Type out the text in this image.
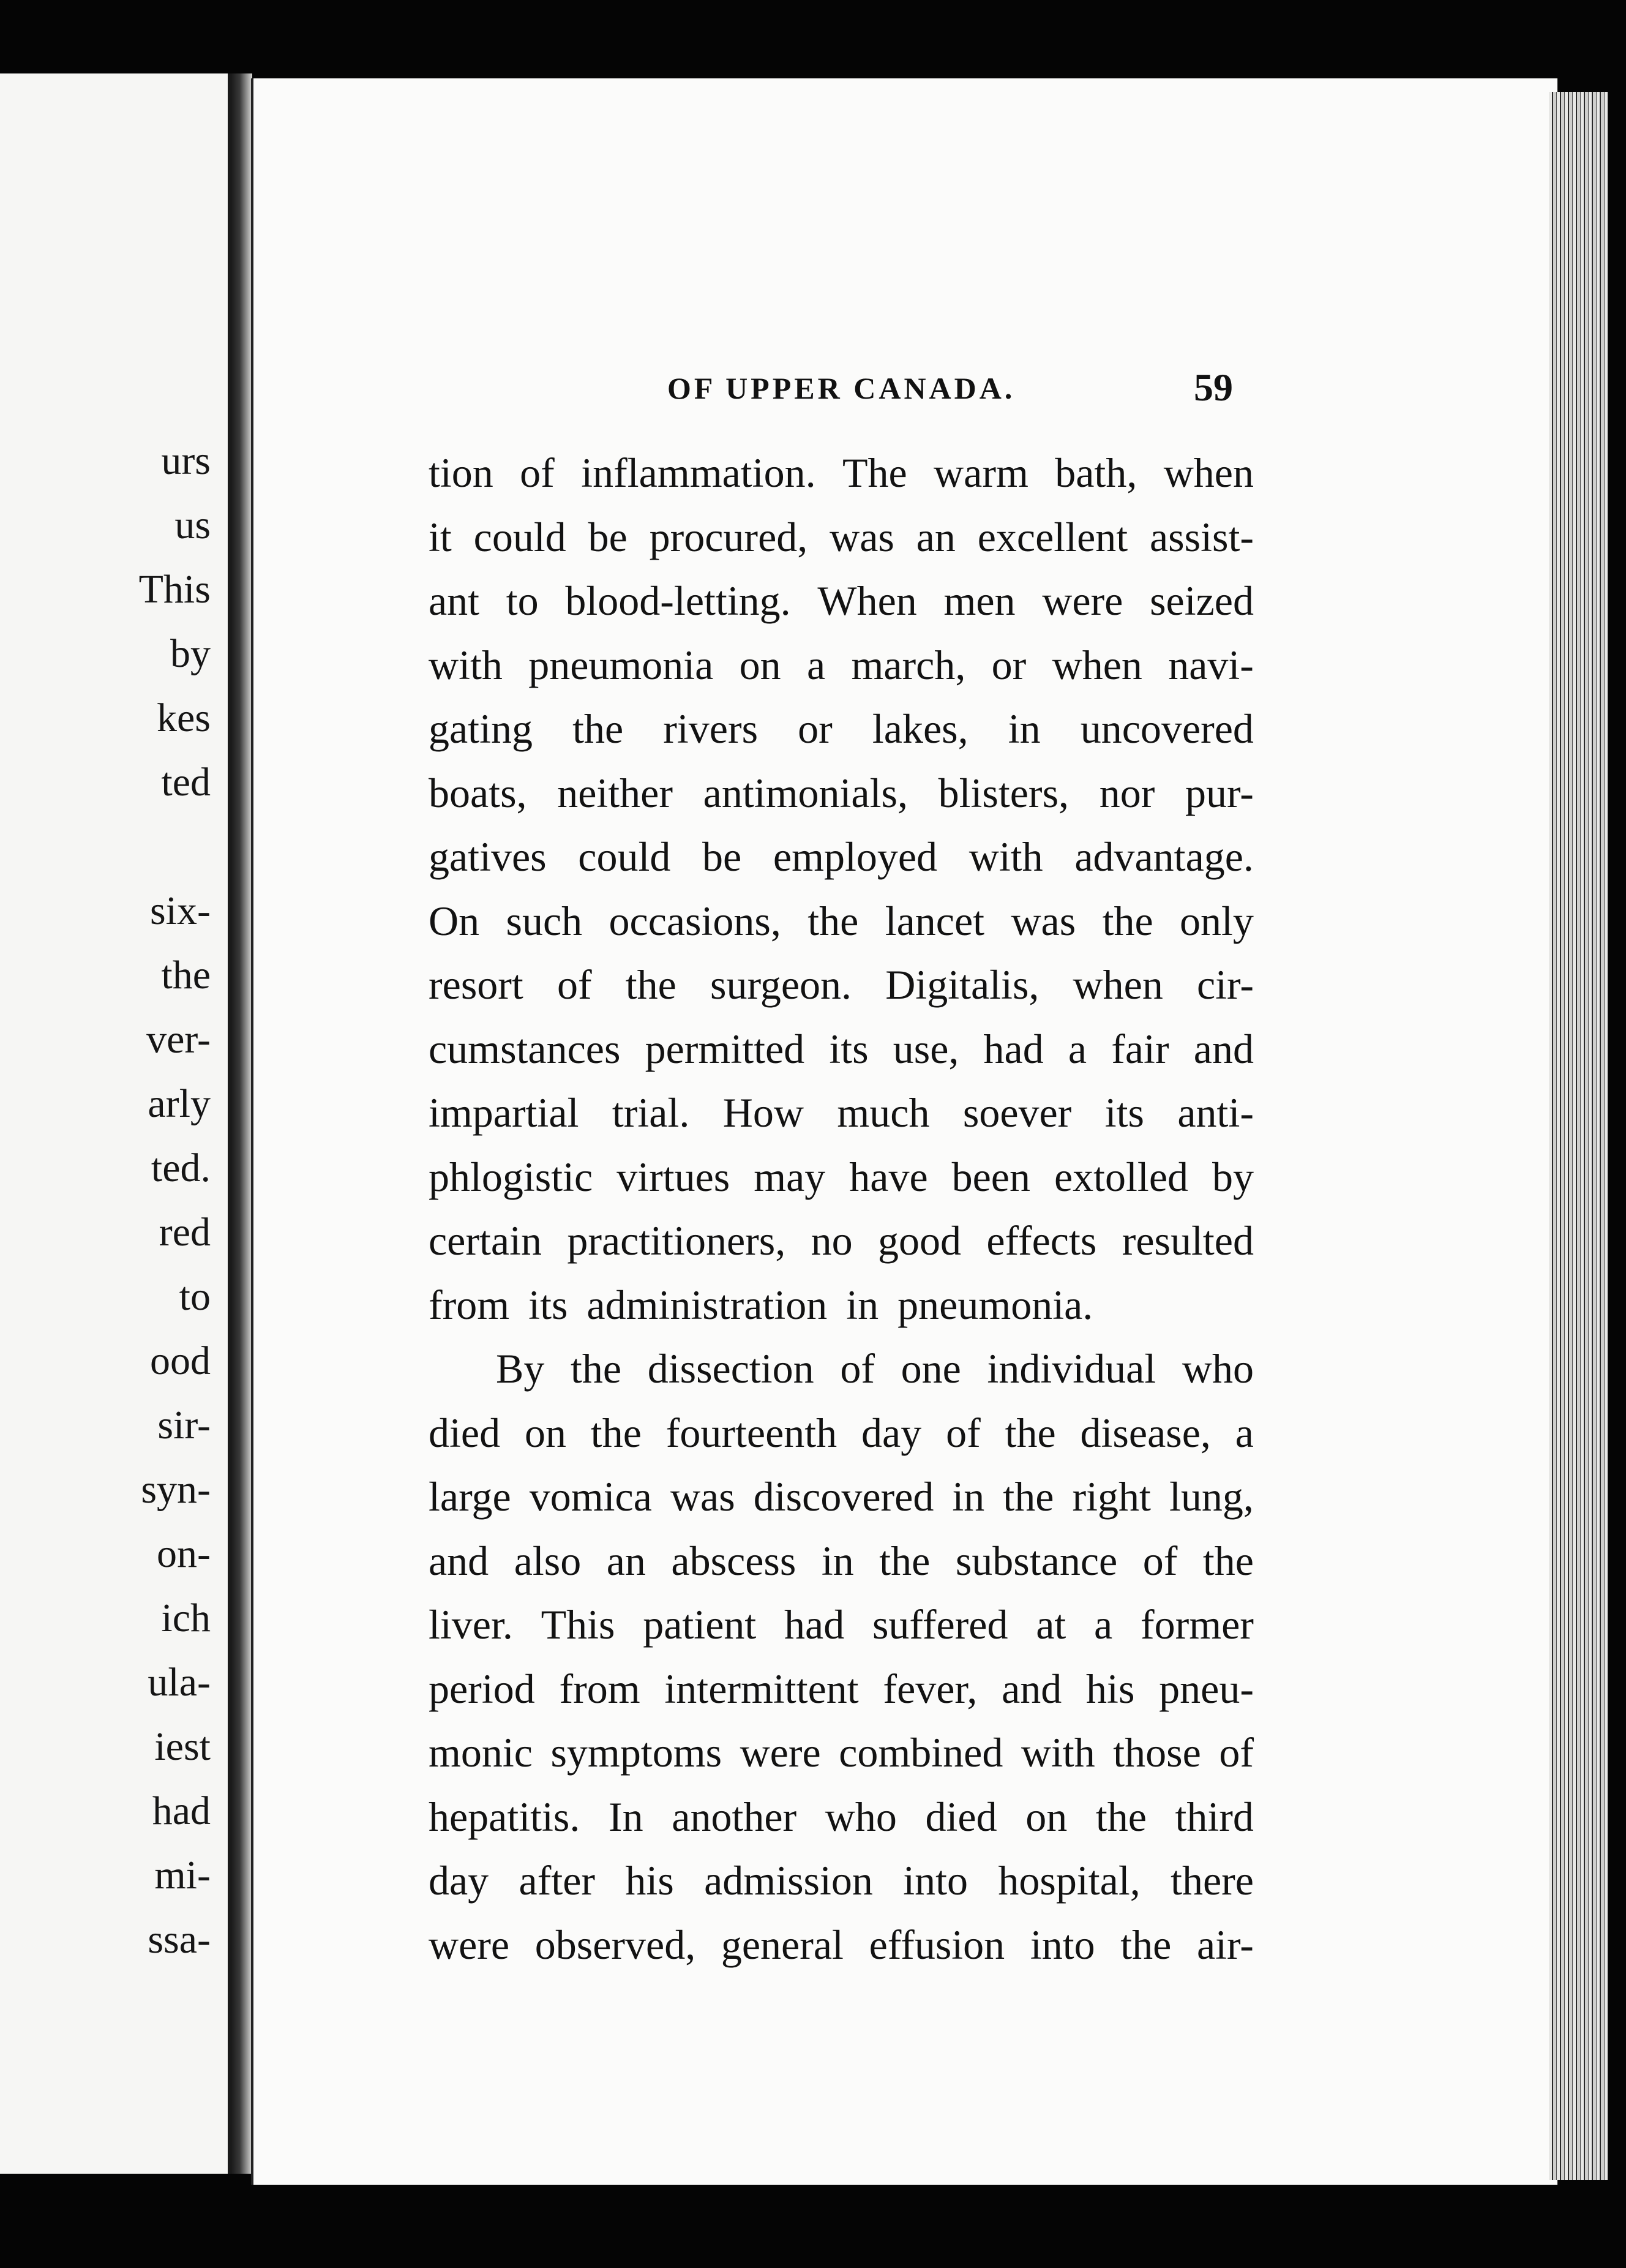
urs
us
This
by
kes
ted
six-
the
ver-
arly
ted.
red
to
ood
sir-
syn-
on-
ich
ula-
iest
had
mi-
ssa-
OF UPPER CANADA.	59
tion of inflammation. The warm bath, when
it could be procured, was an excellent assist-
ant to blood-letting. When men were seized
with pneumonia on a march, or when navi-
gating the rivers or lakes, in uncovered
boats, neither antimonials, blisters, nor pur-
gatives could be employed with advantage.
On such occasions, the lancet was the only
resort of the surgeon. Digitalis, when cir-
cumstances permitted its use, had a fair and
impartial trial. How much soever its anti-
phlogistic virtues may have been extolled by
certain practitioners, no good effects resulted
from its administration in pneumonia.
By the dissection of one individual who
died on the fourteenth day of the disease, a
large vomica was discovered in the right lung,
and also an abscess in the substance of the
liver. This patient had suffered at a former
period from intermittent fever, and his pneu-
monic symptoms were combined with those of
hepatitis. In another who died on the third
day after his admission into hospital, there
were observed, general effusion into the air-
